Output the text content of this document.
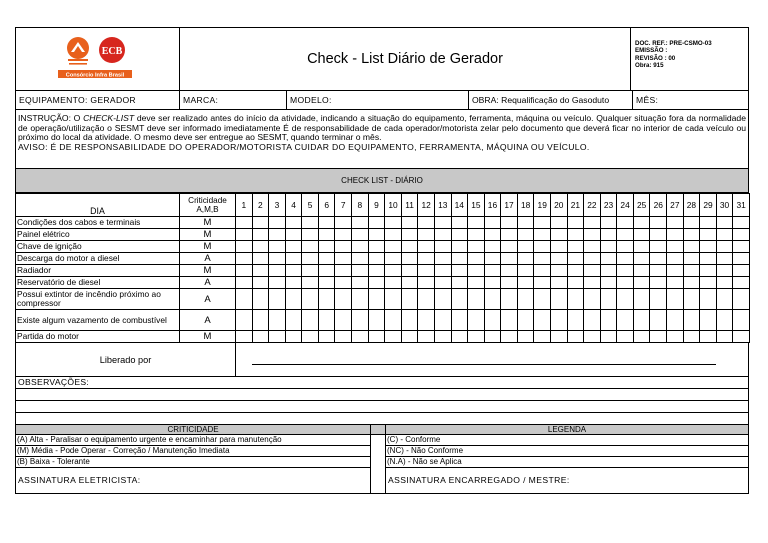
ECB
Consórcio Infra Brasil
Check - List Diário de Gerador
DOC. REF.: PRE-CSMO-03
EMISSÃO :
REVISÃO : 00
Obra: 915
EQUIPAMENTO: GERADOR	MARCA:	MODELO:	OBRA: Requalificação do Gasoduto	MÊS:

INSTRUÇÃO: O CHECK-LIST deve ser realizado antes do início da atividade, indicando a situação do equipamento, ferramenta, máquina ou veículo. Qualquer situação fora da normalidade de operação/utilização o SESMT deve ser informado imediatamente É de responsabilidade de cada operador/motorista zelar pelo documento que deverá ficar no interior de cada veículo ou próximo do local da atividade. O mesmo deve ser entregue ao SESMT, quando terminar o mês.

AVISO: É DE RESPONSABILIDADE DO OPERADOR/MOTORISTA CUIDAR DO EQUIPAMENTO, FERRAMENTA, MÁQUINA OU VEÍCULO.

CHECK LIST - DIÁRIO
DIA	Criticidade A,M,B	1	2	3	4	5	6	7	8	9	10	11	12	13	14	15	16	17	18	19	20	21	22	23	24	25	26	27	28	29	30	31
Condições dos cabos e terminais	M																															
Painel elétrico	M																															
Chave de ignição	M																															
Descarga do motor a diesel	A																															
Radiador	M																															
Reservatório de diesel	A																															
Possui extintor de incêndio próximo ao compressor	A																															
Existe algum vazamento de combustível	A																															
Partida do motor	M																															
Liberado por
OBSERVAÇÕES:
CRITICIDADE
(A) Alta - Paralisar o equipamento urgente e encaminhar para manutenção
(M) Média - Pode Operar - Correção / Manutenção Imediata
(B) Baixa - Tolerante
ASSINATURA ELETRICISTA:
LEGENDA
(C) - Conforme
(NC) - Não Conforme
(N.A) - Não se Aplica
ASSINATURA ENCARREGADO / MESTRE:
